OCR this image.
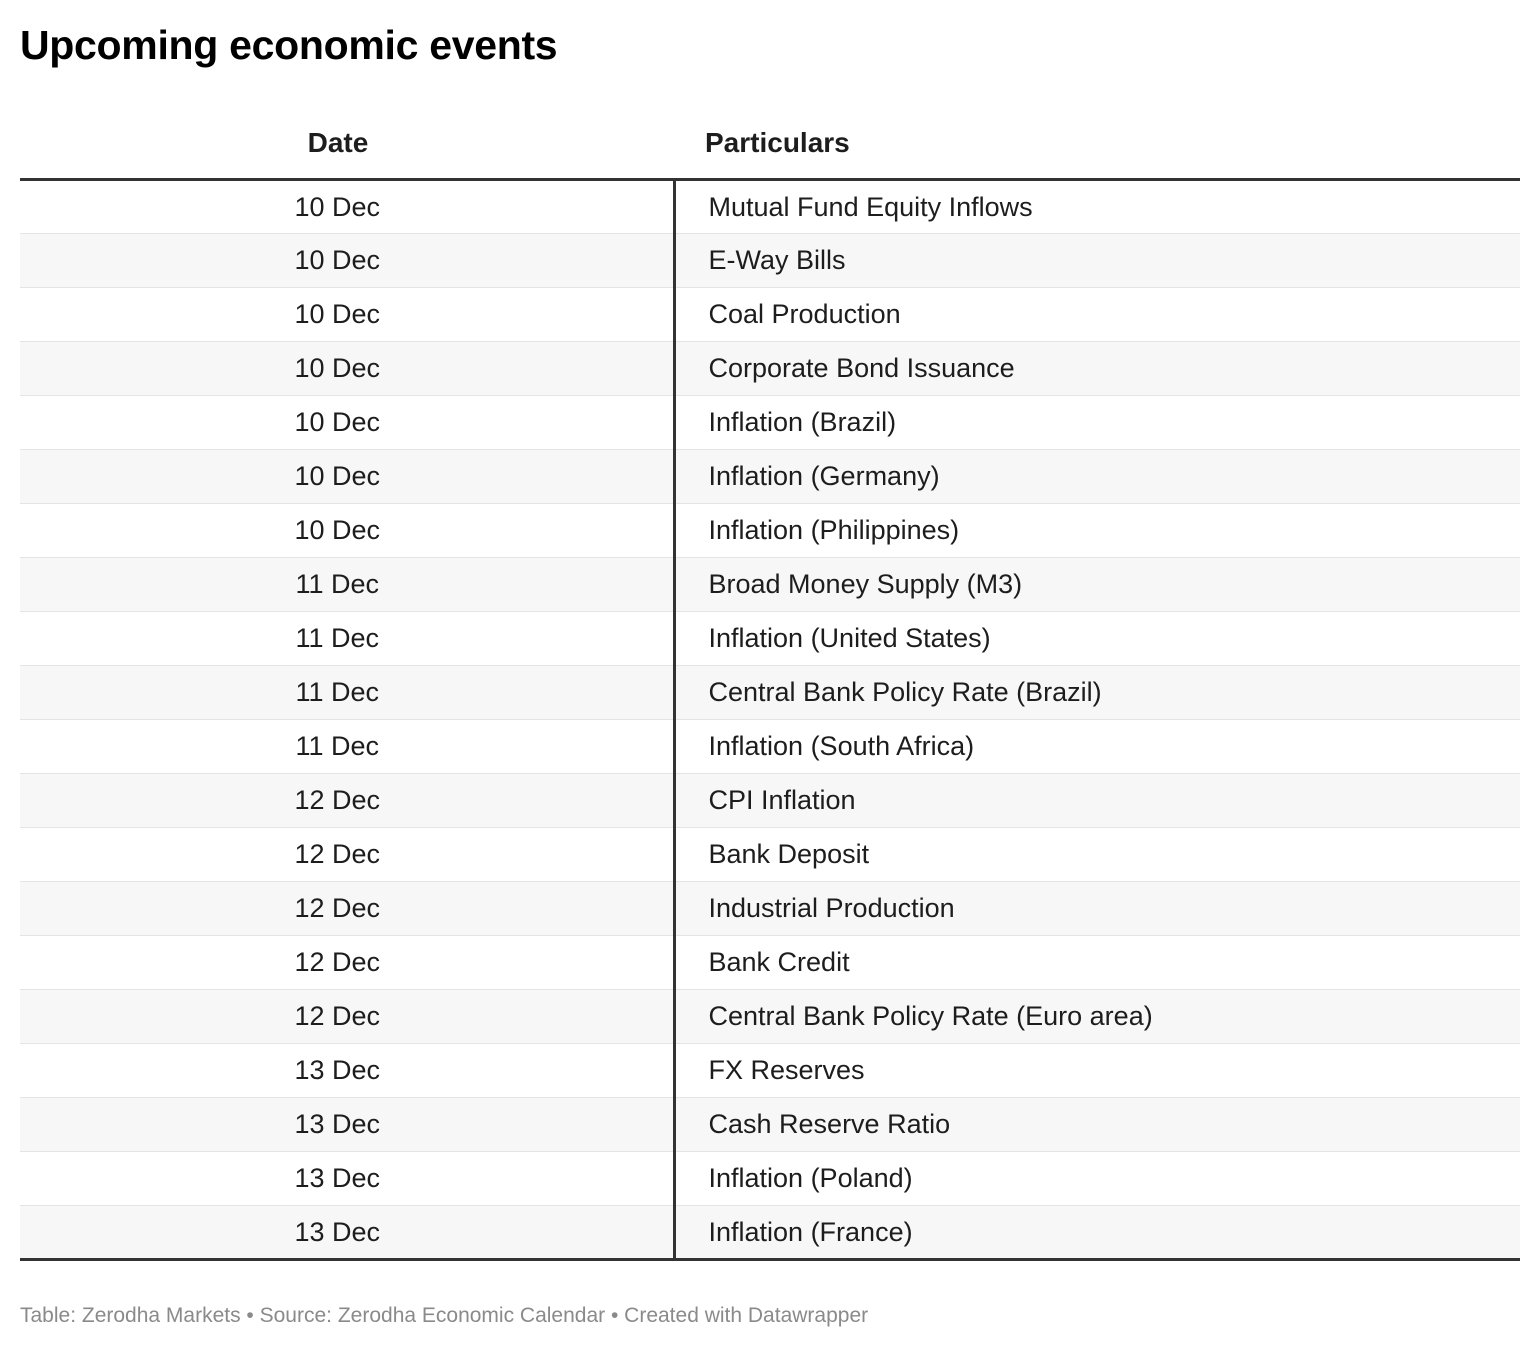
Upcoming economic events
Date	Particulars
10 Dec	Mutual Fund Equity Inflows
10 Dec	E-Way Bills
10 Dec	Coal Production
10 Dec	Corporate Bond Issuance
10 Dec	Inflation (Brazil)
10 Dec	Inflation (Germany)
10 Dec	Inflation (Philippines)
11 Dec	Broad Money Supply (M3)
11 Dec	Inflation (United States)
11 Dec	Central Bank Policy Rate (Brazil)
11 Dec	Inflation (South Africa)
12 Dec	CPI Inflation
12 Dec	Bank Deposit
12 Dec	Industrial Production
12 Dec	Bank Credit
12 Dec	Central Bank Policy Rate (Euro area)
13 Dec	FX Reserves
13 Dec	Cash Reserve Ratio
13 Dec	Inflation (Poland)
13 Dec	Inflation (France)
Table: Zerodha Markets • Source: Zerodha Economic Calendar • Created with Datawrapper
